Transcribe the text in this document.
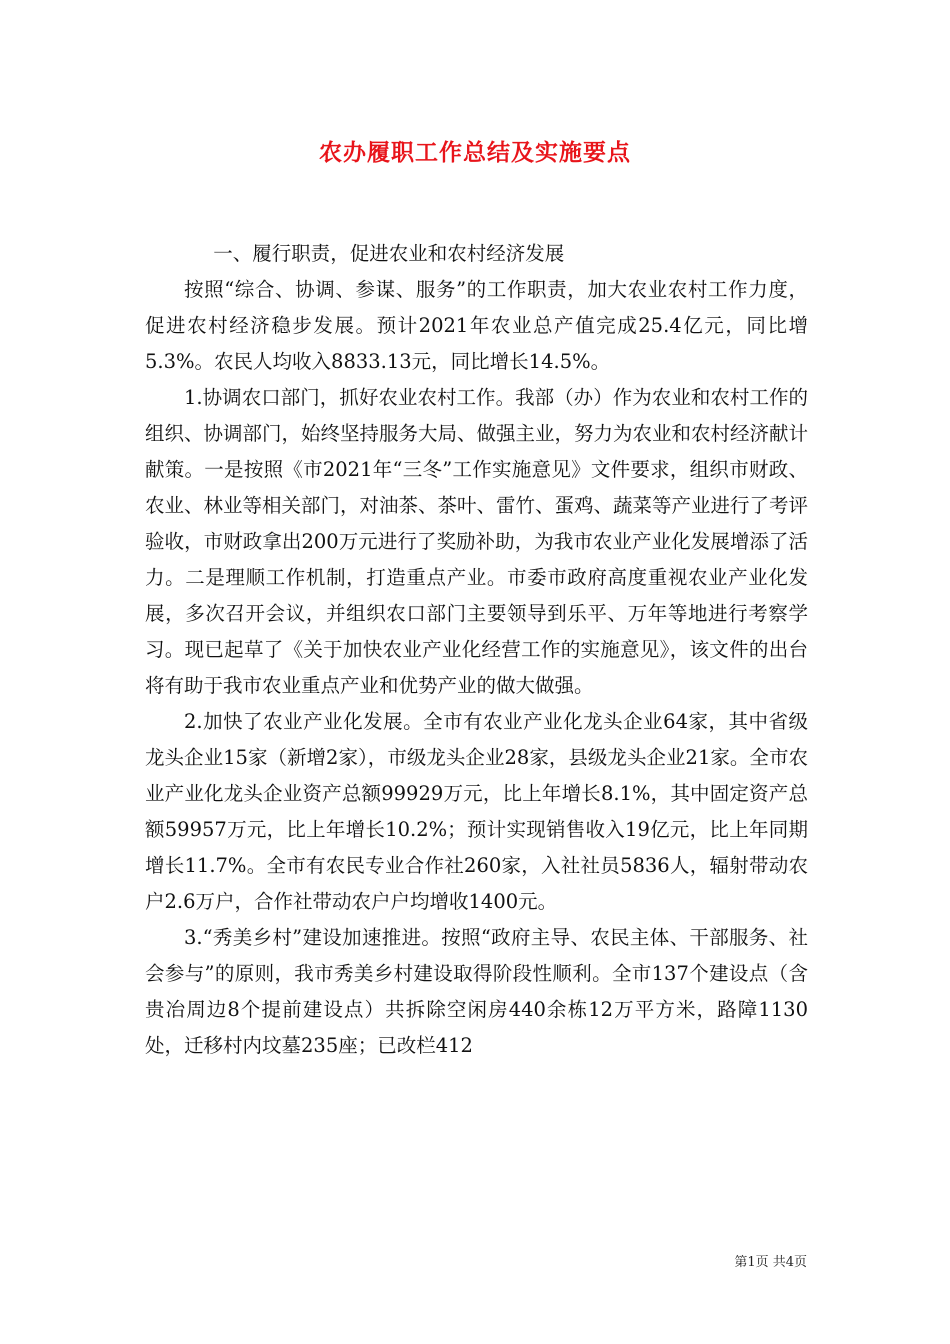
农办履职工作总结及实施要点

一、履行职责，促进农业和农村经济发展

按照“综合、协调、参谋、服务”的工作职责，加大农业农村工作力度，促进农村经济稳步发展。预计2021年农业总产值完成25.4亿元，同比增5.3%。农民人均收入8833.13元，同比增长14.5%。

1.协调农口部门，抓好农业农村工作。我部（办）作为农业和农村工作的组织、协调部门，始终坚持服务大局、做强主业，努力为农业和农村经济献计献策。一是按照《市2021年“三冬”工作实施意见》文件要求，组织市财政、农业、林业等相关部门，对油茶、茶叶、雷竹、蛋鸡、蔬菜等产业进行了考评验收，市财政拿出200万元进行了奖励补助，为我市农业产业化发展增添了活力。二是理顺工作机制，打造重点产业。市委市政府高度重视农业产业化发展，多次召开会议，并组织农口部门主要领导到乐平、万年等地进行考察学习。现已起草了《关于加快农业产业化经营工作的实施意见》，该文件的出台将有助于我市农业重点产业和优势产业的做大做强。

2.加快了农业产业化发展。全市有农业产业化龙头企业64家，其中省级龙头企业15家（新增2家），市级龙头企业28家，县级龙头企业21家。全市农业产业化龙头企业资产总额99929万元，比上年增长8.1%，其中固定资产总额59957万元，比上年增长10.2%；预计实现销售收入19亿元，比上年同期增长11.7%。全市有农民专业合作社260家，入社社员5836人，辐射带动农户2.6万户，合作社带动农户户均增收1400元。

3.“秀美乡村”建设加速推进。按照“政府主导、农民主体、干部服务、社会参与”的原则，我市秀美乡村建设取得阶段性顺利。全市137个建设点（含贵冶周边8个提前建设点）共拆除空闲房440余栋12万平方米，路障1130处，迁移村内坟墓235座；已改栏412

第1页 共4页
